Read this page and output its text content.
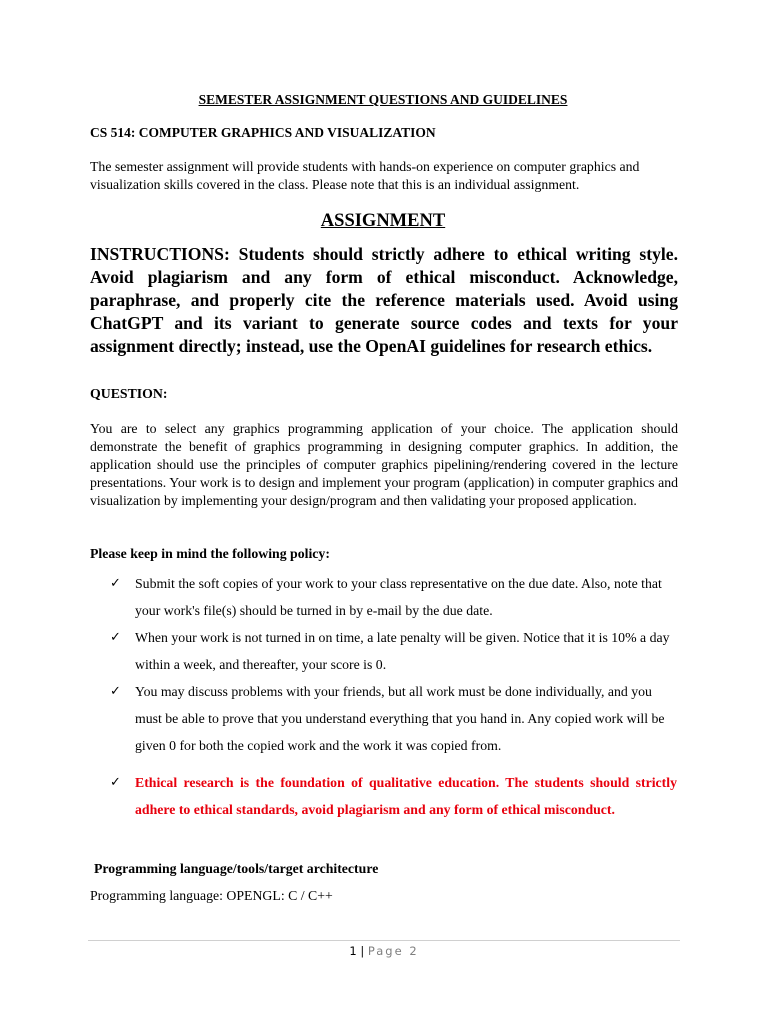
SEMESTER ASSIGNMENT QUESTIONS AND GUIDELINES
CS 514: COMPUTER GRAPHICS AND VISUALIZATION
The semester assignment will provide students with hands-on experience on computer graphics and visualization skills covered in the class. Please note that this is an individual assignment.
ASSIGNMENT
INSTRUCTIONS: Students should strictly adhere to ethical writing style. Avoid plagiarism and any form of ethical misconduct. Acknowledge, paraphrase, and properly cite the reference materials used. Avoid using ChatGPT and its variant to generate source codes and texts for your assignment directly; instead, use the OpenAI guidelines for research ethics.
QUESTION:
You are to select any graphics programming application of your choice. The application should demonstrate the benefit of graphics programming in designing computer graphics. In addition, the application should use the principles of computer graphics pipelining/rendering covered in the lecture presentations. Your work is to design and implement your program (application) in computer graphics and visualization by implementing your design/program and then validating your proposed application.
Please keep in mind the following policy:
✓ Submit the soft copies of your work to your class representative on the due date. Also, note that your work's file(s) should be turned in by e-mail by the due date.
✓ When your work is not turned in on time, a late penalty will be given. Notice that it is 10% a day within a week, and thereafter, your score is 0.
✓ You may discuss problems with your friends, but all work must be done individually, and you must be able to prove that you understand everything that you hand in. Any copied work will be given 0 for both the copied work and the work it was copied from.
✓ Ethical research is the foundation of qualitative education. The students should strictly adhere to ethical standards, avoid plagiarism and any form of ethical misconduct.
Programming language/tools/target architecture
Programming language: OPENGL: C / C++
1 | Page 2
